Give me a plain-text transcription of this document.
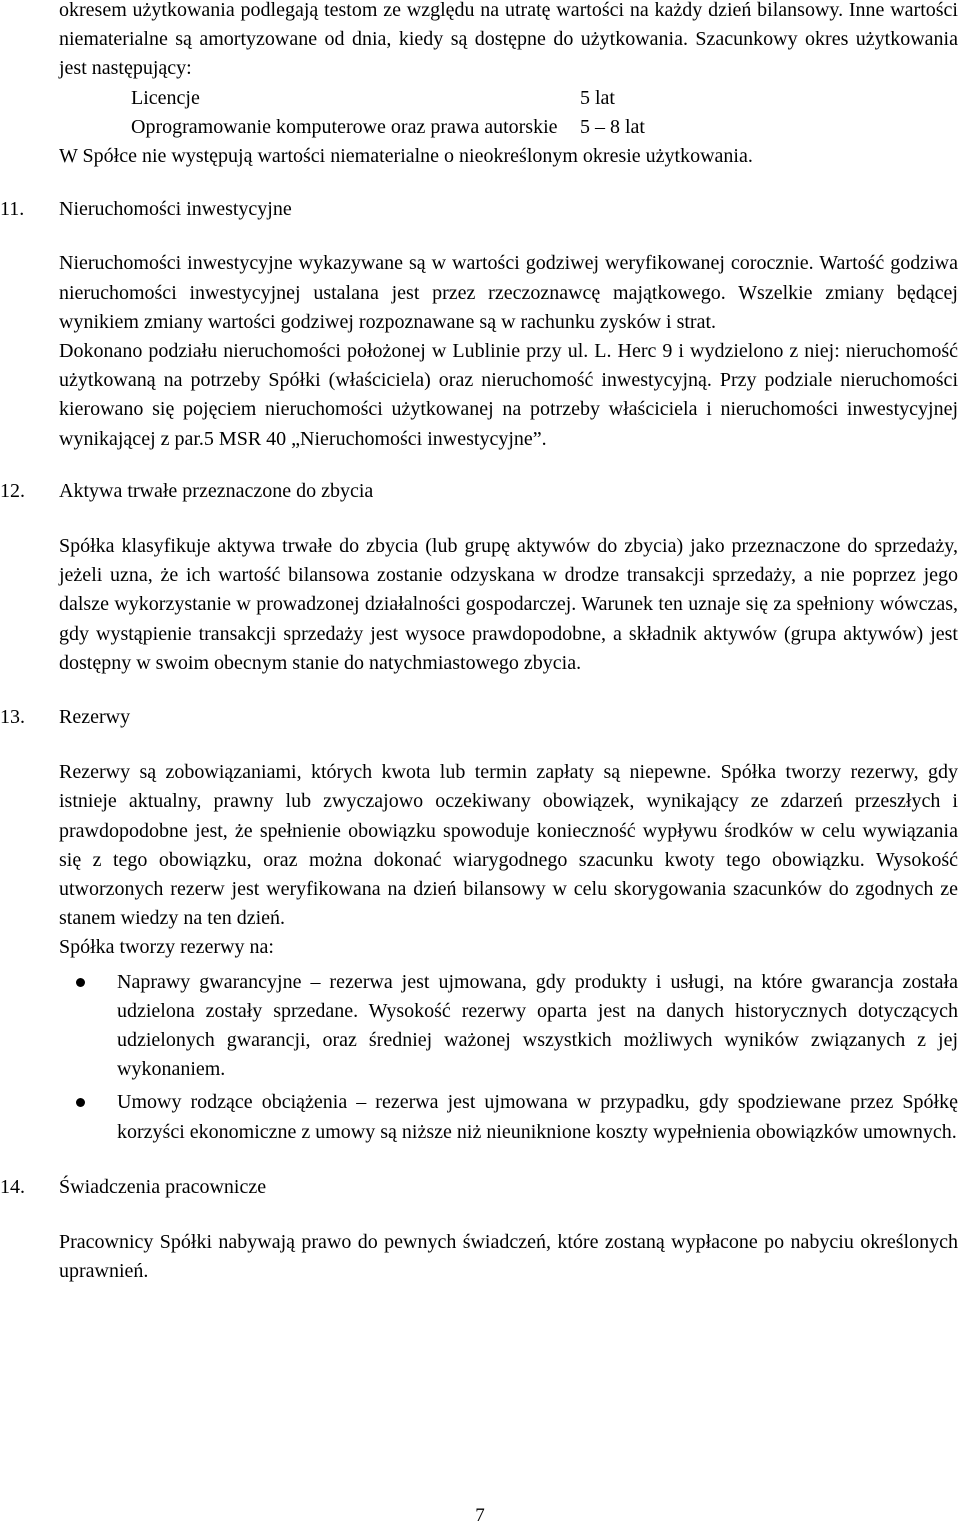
okresem użytkowania podlegają testom ze względu na utratę wartości na każdy dzień bilansowy. Inne wartości niematerialne są amortyzowane od dnia, kiedy są dostępne do użytkowania. Szacunkowy okres użytkowania jest następujący:

Licencje	5 lat
Oprogramowanie komputerowe oraz prawa autorskie	5 – 8 lat

W Spółce nie występują wartości niematerialne o nieokreślonym okresie użytkowania.

11.	Nieruchomości inwestycyjne

Nieruchomości inwestycyjne wykazywane są w wartości godziwej weryfikowanej corocznie. Wartość godziwa nieruchomości inwestycyjnej ustalana jest przez rzeczoznawcę majątkowego. Wszelkie zmiany będącej wynikiem zmiany wartości godziwej rozpoznawane są w rachunku zysków i strat.

Dokonano podziału nieruchomości położonej w Lublinie przy ul. L. Herc 9 i wydzielono z niej: nieruchomość użytkowaną na potrzeby Spółki (właściciela) oraz nieruchomość inwestycyjną. Przy podziale nieruchomości kierowano się pojęciem nieruchomości użytkowanej na potrzeby właściciela i nieruchomości inwestycyjnej wynikającej z par.5 MSR 40 „Nieruchomości inwestycyjne”.

12.	Aktywa trwałe przeznaczone do zbycia

Spółka klasyfikuje aktywa trwałe do zbycia (lub grupę aktywów do zbycia) jako przeznaczone do sprzedaży, jeżeli uzna, że ich wartość bilansowa zostanie odzyskana w drodze transakcji sprzedaży, a nie poprzez jego dalsze wykorzystanie w prowadzonej działalności gospodarczej. Warunek ten uznaje się za spełniony wówczas, gdy wystąpienie transakcji sprzedaży jest wysoce prawdopodobne, a składnik aktywów (grupa aktywów) jest dostępny w swoim obecnym stanie do natychmiastowego zbycia.

13.	Rezerwy

Rezerwy są zobowiązaniami, których kwota lub termin zapłaty są niepewne. Spółka tworzy rezerwy, gdy istnieje aktualny, prawny lub zwyczajowo oczekiwany obowiązek, wynikający ze zdarzeń przeszłych i prawdopodobne jest, że spełnienie obowiązku spowoduje konieczność wypływu środków w celu wywiązania się z tego obowiązku, oraz można dokonać wiarygodnego szacunku kwoty tego obowiązku. Wysokość utworzonych rezerw jest weryfikowana na dzień bilansowy w celu skorygowania szacunków do zgodnych ze stanem wiedzy na ten dzień.

Spółka tworzy rezerwy na:

Naprawy gwarancyjne – rezerwa jest ujmowana, gdy produkty i usługi, na które gwarancja została udzielona zostały sprzedane. Wysokość rezerwy oparta jest na danych historycznych dotyczących udzielonych gwarancji, oraz średniej ważonej wszystkich możliwych wyników związanych z jej wykonaniem.
Umowy rodzące obciążenia – rezerwa jest ujmowana w przypadku, gdy spodziewane przez Spółkę korzyści ekonomiczne z umowy są niższe niż nieuniknione koszty wypełnienia obowiązków umownych.
14.	Świadczenia pracownicze

Pracownicy Spółki nabywają prawo do pewnych świadczeń, które zostaną wypłacone po nabyciu określonych uprawnień.

7
